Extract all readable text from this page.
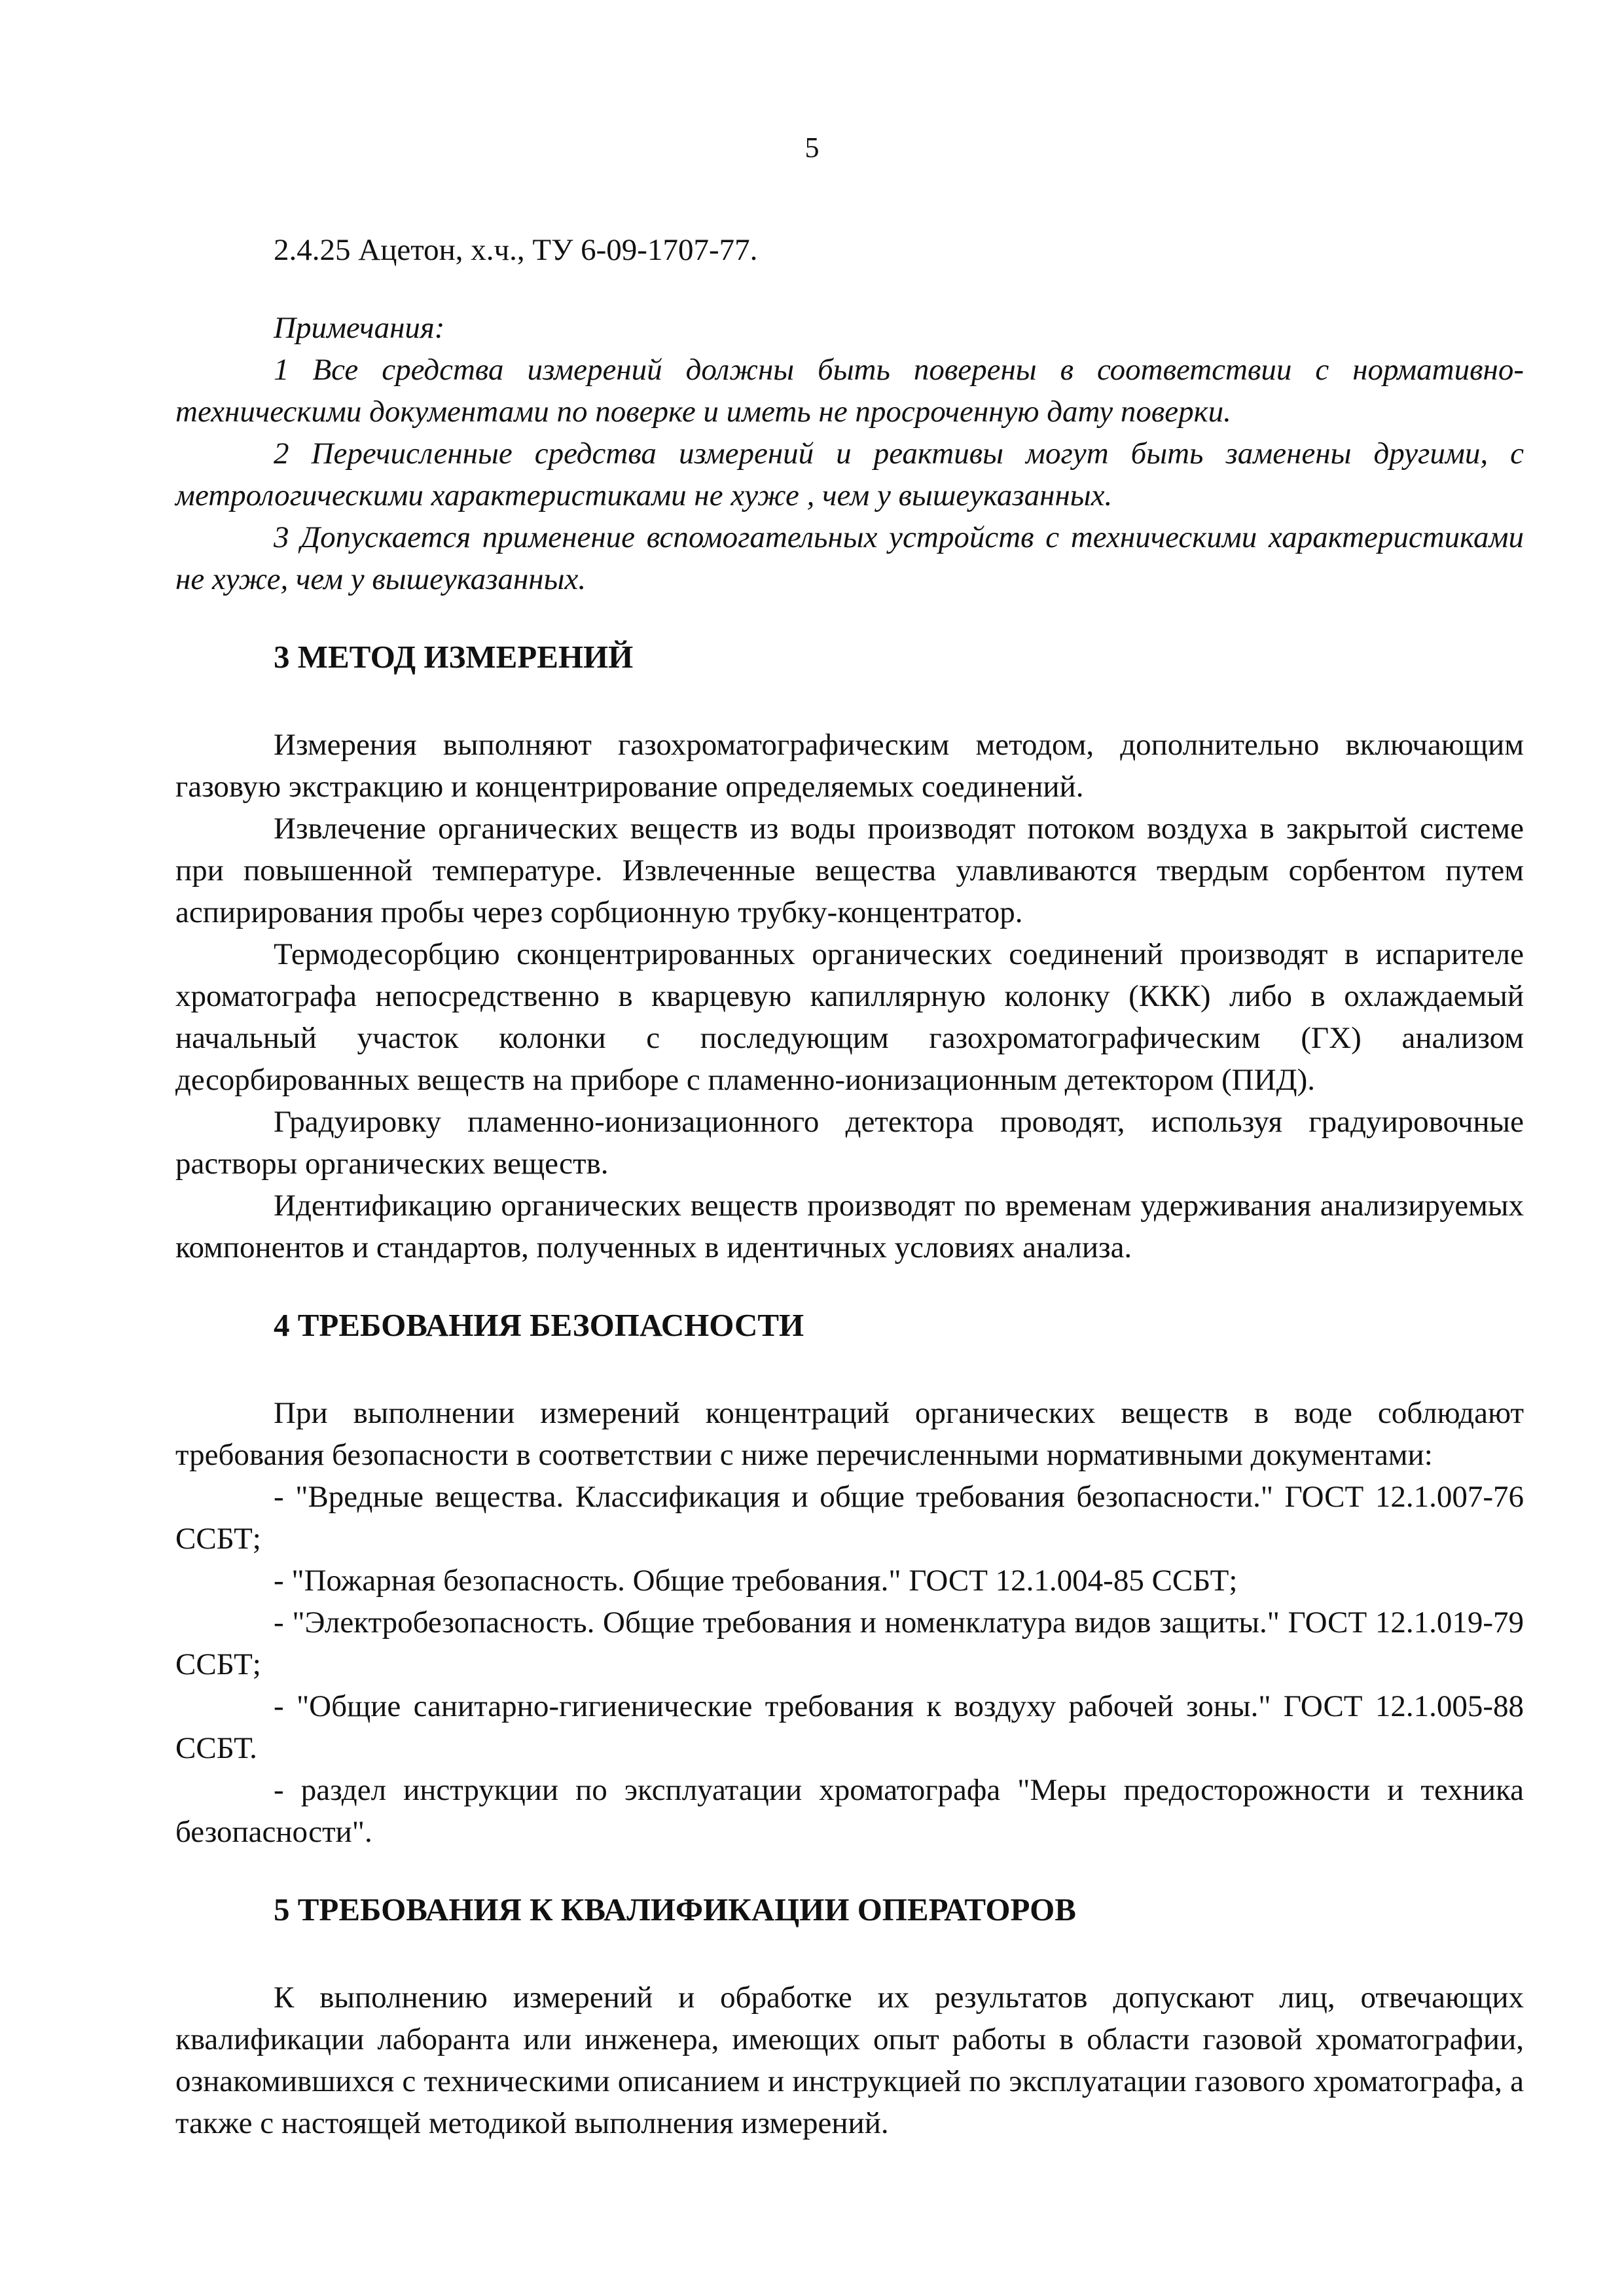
5

2.4.25 Ацетон, х.ч., ТУ 6-09-1707-77.

Примечания:

1 Все средства измерений должны быть поверены в соответствии с нормативно-техническими документами по поверке и иметь не просроченную дату поверки.

2 Перечисленные средства измерений и реактивы могут быть заменены другими, с метрологическими характеристиками не хуже , чем у вышеуказанных.

3 Допускается применение вспомогательных устройств с техническими характеристиками не хуже, чем у вышеуказанных.

3 МЕТОД ИЗМЕРЕНИЙ

Измерения выполняют газохроматографическим методом, дополнительно включающим газовую экстракцию и концентрирование определяемых соединений.

Извлечение органических веществ из воды производят потоком воздуха в закрытой системе при повышенной температуре. Извлеченные вещества улавливаются твердым сорбентом путем аспирирования пробы через сорбционную трубку-концентратор.

Термодесорбцию сконцентрированных органических соединений производят в испарителе хроматографа непосредственно в кварцевую капиллярную колонку (ККК) либо в охлаждаемый начальный участок колонки с последующим газохроматографическим (ГХ) анализом десорбированных веществ на приборе с пламенно-ионизационным детектором (ПИД).

Градуировку пламенно-ионизационного детектора проводят, используя градуировочные растворы органических веществ.

Идентификацию органических веществ производят по временам удерживания анализируемых компонентов и стандартов, полученных в идентичных условиях анализа.

4 ТРЕБОВАНИЯ БЕЗОПАСНОСТИ

При выполнении измерений концентраций органических веществ в воде соблюдают требования безопасности в соответствии с ниже перечисленными нормативными документами:

- "Вредные вещества. Классификация и общие требования безопасности." ГОСТ 12.1.007-76 ССБТ;

- "Пожарная безопасность. Общие требования." ГОСТ 12.1.004-85 ССБТ;

- "Электробезопасность. Общие требования и номенклатура видов защиты." ГОСТ 12.1.019-79 ССБТ;

- "Общие санитарно-гигиенические требования к воздуху рабочей зоны." ГОСТ 12.1.005-88 ССБТ.

- раздел инструкции по эксплуатации хроматографа "Меры предосторожности и техника безопасности".

5 ТРЕБОВАНИЯ К КВАЛИФИКАЦИИ ОПЕРАТОРОВ

К выполнению измерений и обработке их результатов допускают лиц, отвечающих квалификации лаборанта или инженера, имеющих опыт работы в области газовой хроматографии, ознакомившихся с техническими описанием и инструкцией по эксплуатации газового хроматографа, а также с настоящей методикой выполнения измерений.
